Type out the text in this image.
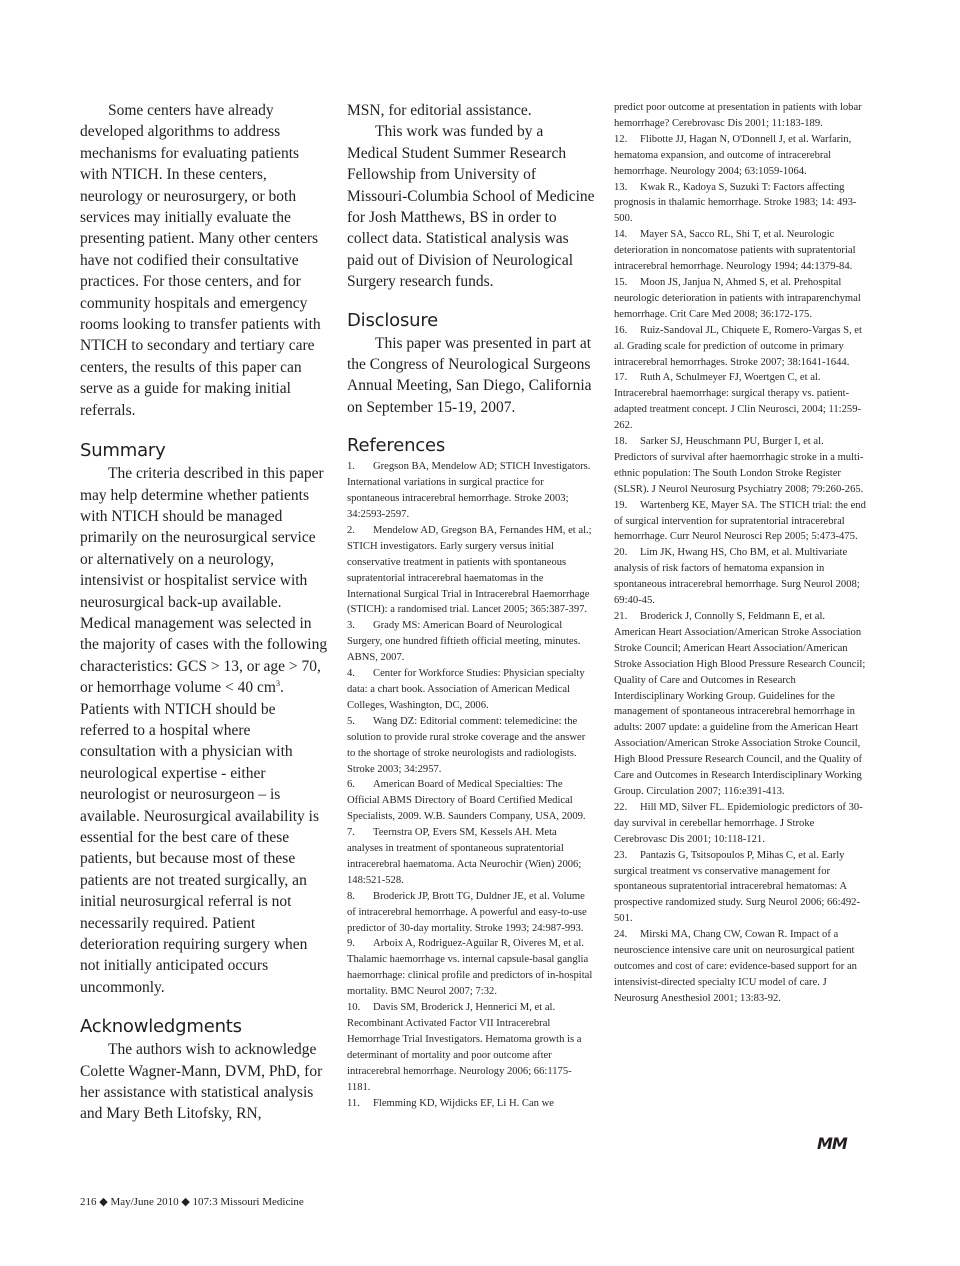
Some centers have already developed algorithms to address mechanisms for evaluating patients with NTICH. In these centers, neurology or neurosurgery, or both services may initially evaluate the presenting patient. Many other centers have not codified their consultative practices. For those centers, and for community hospitals and emergency rooms looking to transfer patients with NTICH to secondary and tertiary care centers, the results of this paper can serve as a guide for making initial referrals.

Summary

The criteria described in this paper may help determine whether patients with NTICH should be managed primarily on the neurosurgical service or alternatively on a neurology, intensivist or hospitalist service with neurosurgical back-up available. Medical management was selected in the majority of cases with the following characteristics: GCS > 13, or age > 70, or hemorrhage volume < 40 $cm^3$. Patients with NTICH should be referred to a hospital where consultation with a physician with neurological expertise - either neurologist or neurosurgeon – is available. Neurosurgical availability is essential for the best care of these patients, but because most of these patients are not treated surgically, an initial neurosurgical referral is not necessarily required. Patient deterioration requiring surgery when not initially anticipated occurs uncommonly.

Acknowledgments

The authors wish to acknowledge Colette Wagner-Mann, DVM, PhD, for her assistance with statistical analysis and Mary Beth Litofsky, RN,

MSN, for editorial assistance.

This work was funded by a Medical Student Summer Research Fellowship from University of Missouri-Columbia School of Medicine for Josh Matthews, BS in order to collect data. Statistical analysis was paid out of Division of Neurological Surgery research funds.

Disclosure

This paper was presented in part at the Congress of Neurological Surgeons Annual Meeting, San Diego, California on September 15-19, 2007.

References

1. Gregson BA, Mendelow AD; STICH Investigators. International variations in surgical practice for spontaneous intracerebral hemorrhage. Stroke 2003; 34:2593-2597.

2. Mendelow AD, Gregson BA, Fernandes HM, et al.; STICH investigators. Early surgery versus initial conservative treatment in patients with spontaneous supratentorial intracerebral haematomas in the International Surgical Trial in Intracerebral Haemorrhage (STICH): a randomised trial. Lancet 2005; 365:387-397.

3. Grady MS: American Board of Neurological Surgery, one hundred fiftieth official meeting, minutes. ABNS, 2007.

4. Center for Workforce Studies: Physician specialty data: a chart book. Association of American Medical Colleges, Washington, DC, 2006.

5. Wang DZ: Editorial comment: telemedicine: the solution to provide rural stroke coverage and the answer to the shortage of stroke neurologists and radiologists. Stroke 2003; 34:2957.

6. American Board of Medical Specialties: The Official ABMS Directory of Board Certified Medical Specialists, 2009. W.B. Saunders Company, USA, 2009.

7. Teernstra OP, Evers SM, Kessels AH. Meta analyses in treatment of spontaneous supratentorial intracerebral haematoma. Acta Neurochir (Wien) 2006; 148:521-528.

8. Broderick JP, Brott TG, Duldner JE, et al. Volume of intracerebral hemorrhage. A powerful and easy-to-use predictor of 30-day mortality. Stroke 1993; 24:987-993.

9. Arboix A, Rodriguez-Aguilar R, Oiveres M, et al. Thalamic haemorrhage vs. internal capsule-basal ganglia haemorrhage: clinical profile and predictors of in-hospital mortality. BMC Neurol 2007; 7:32.

10. Davis SM, Broderick J, Hennerici M, et al. Recombinant Activated Factor VII Intracerebral Hemorrhage Trial Investigators. Hematoma growth is a determinant of mortality and poor outcome after intracerebral hemorrhage. Neurology 2006; 66:1175-1181.

11. Flemming KD, Wijdicks EF, Li H. Can we

predict poor outcome at presentation in patients with lobar hemorrhage? Cerebrovasc Dis 2001; 11:183-189.

12. Flibotte JJ, Hagan N, O'Donnell J, et al. Warfarin, hematoma expansion, and outcome of intracerebral hemorrhage. Neurology 2004; 63:1059-1064.

13. Kwak R., Kadoya S, Suzuki T: Factors affecting prognosis in thalamic hemorrhage. Stroke 1983; 14: 493-500.

14. Mayer SA, Sacco RL, Shi T, et al. Neurologic deterioration in noncomatose patients with supratentorial intracerebral hemorrhage. Neurology 1994; 44:1379-84.

15. Moon JS, Janjua N, Ahmed S, et al. Prehospital neurologic deterioration in patients with intraparenchymal hemorrhage. Crit Care Med 2008; 36:172-175.

16. Ruiz-Sandoval JL, Chiquete E, Romero-Vargas S, et al. Grading scale for prediction of outcome in primary intracerebral hemorrhages. Stroke 2007; 38:1641-1644.

17. Ruth A, Schulmeyer FJ, Woertgen C, et al. Intracerebral haemorrhage: surgical therapy vs. patient-adapted treatment concept. J Clin Neurosci, 2004; 11:259-262.

18. Sarker SJ, Heuschmann PU, Burger I, et al. Predictors of survival after haemorrhagic stroke in a multi-ethnic population: The South London Stroke Register (SLSR). J Neurol Neurosurg Psychiatry 2008; 79:260-265.

19. Wartenberg KE, Mayer SA. The STICH trial: the end of surgical intervention for supratentorial intracerebral hemorrhage. Curr Neurol Neurosci Rep 2005; 5:473-475.

20. Lim JK, Hwang HS, Cho BM, et al. Multivariate analysis of risk factors of hematoma expansion in spontaneous intracerebral hemorrhage. Surg Neurol 2008; 69:40-45.

21. Broderick J, Connolly S, Feldmann E, et al. American Heart Association/American Stroke Association Stroke Council; American Heart Association/American Stroke Association High Blood Pressure Research Council; Quality of Care and Outcomes in Research Interdisciplinary Working Group. Guidelines for the management of spontaneous intracerebral hemorrhage in adults: 2007 update: a guideline from the American Heart Association/American Stroke Association Stroke Council, High Blood Pressure Research Council, and the Quality of Care and Outcomes in Research Interdisciplinary Working Group. Circulation 2007; 116:e391-413.

22. Hill MD, Silver FL. Epidemiologic predictors of 30-day survival in cerebellar hemorrhage. J Stroke Cerebrovasc Dis 2001; 10:118-121.

23. Pantazis G, Tsitsopoulos P, Mihas C, et al. Early surgical treatment vs conservative management for spontaneous supratentorial intracerebral hematomas: A prospective randomized study. Surg Neurol 2006; 66:492-501.

24. Mirski MA, Chang CW, Cowan R. Impact of a neuroscience intensive care unit on neurosurgical patient outcomes and cost of care: evidence-based support for an intensivist-directed specialty ICU model of care. J Neurosurg Anesthesiol 2001; 13:83-92.

MM
216 ◆ May/June 2010 ◆ 107:3 Missouri Medicine
